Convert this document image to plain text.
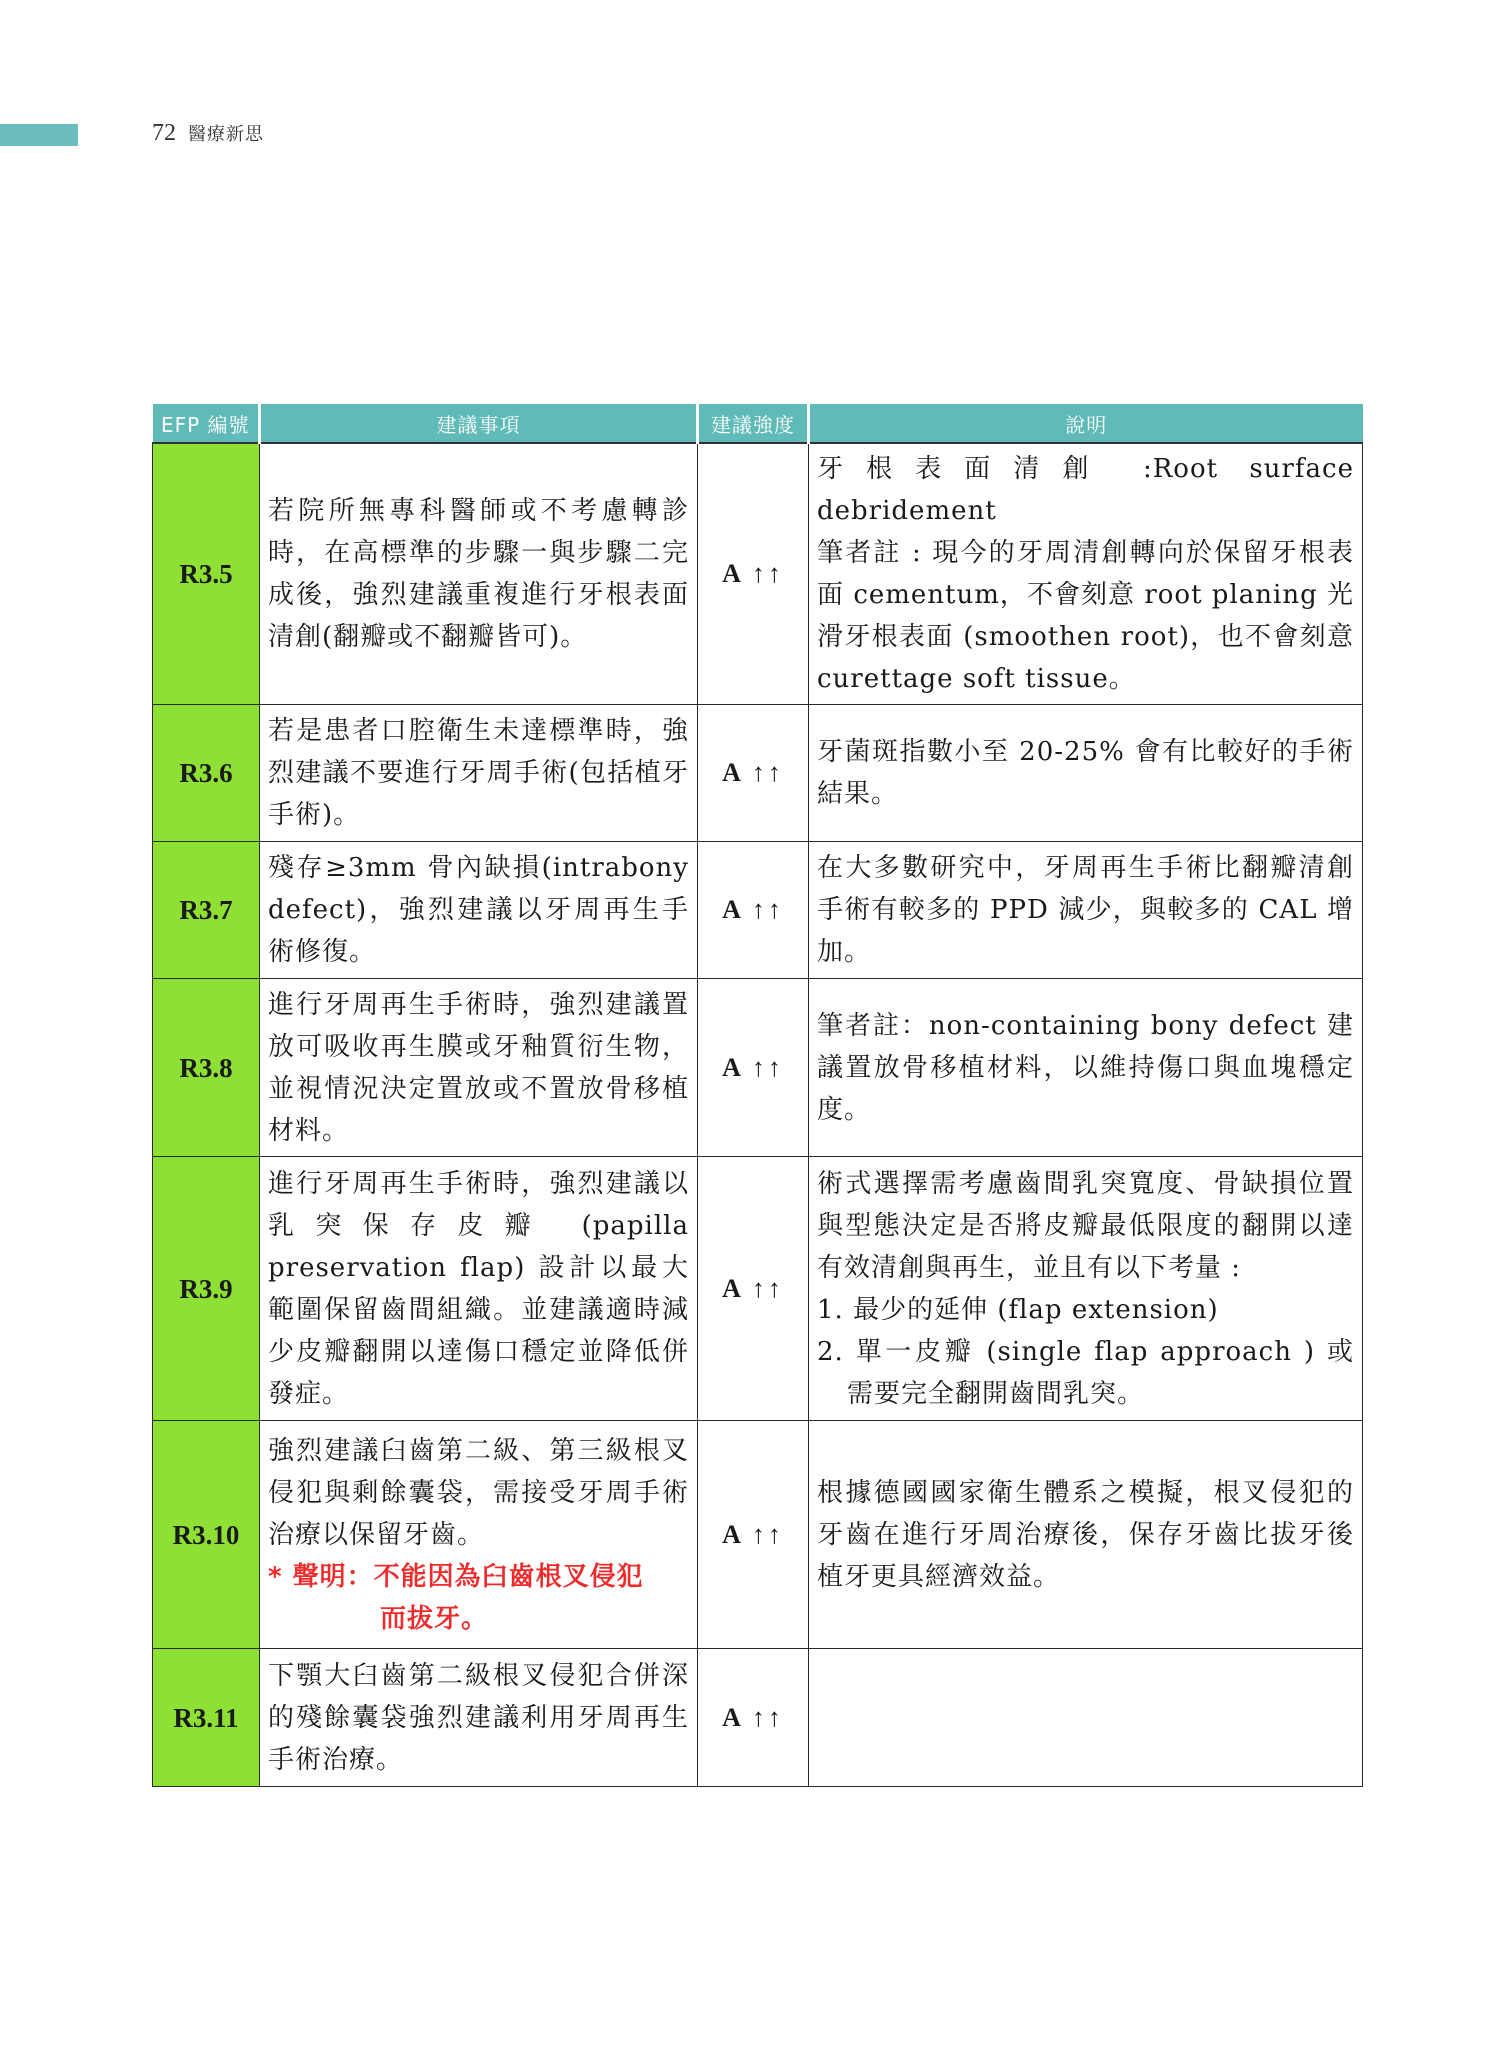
72 醫療新思
EFP 編號	建議事項	建議強度	說明
R3.5	若院所無專科醫師或不考慮轉診時，在高標準的步驟一與步驟二完成後，強烈建議重複進行牙根表面清創(翻瓣或不翻瓣皆可)。	A ↑↑	牙根表面清創 :Root surface debridement
筆者註 : 現今的牙周清創轉向於保留牙根表面 cementum，不會刻意 root planing 光滑牙根表面 (smoothen root)，也不會刻意 curettage soft tissue。

R3.6	若是患者口腔衛生未達標準時，強烈建議不要進行牙周手術(包括植牙手術)。	A ↑↑	牙菌斑指數小至 20-25% 會有比較好的手術結果。

R3.7	殘存≥3mm 骨內缺損(intrabony defect)，強烈建議以牙周再生手術修復。	A ↑↑	在大多數研究中，牙周再生手術比翻瓣清創手術有較多的 PPD 減少，與較多的 CAL 增加。

R3.8	進行牙周再生手術時，強烈建議置放可吸收再生膜或牙釉質衍生物，並視情況決定置放或不置放骨移植材料。	A ↑↑	筆者註：non-containing bony defect 建議置放骨移植材料，以維持傷口與血塊穩定度。

R3.9	進行牙周再生手術時，強烈建議以乳突保存皮瓣 (papilla preservation flap) 設計以最大範圍保留齒間組織。並建議適時減少皮瓣翻開以達傷口穩定並降低併發症。	A ↑↑	術式選擇需考慮齒間乳突寬度、骨缺損位置與型態決定是否將皮瓣最低限度的翻開以達有效清創與再生，並且有以下考量 :
1. 最少的延伸 (flap extension)
2. 單一皮瓣 (single flap approach ) 或需要完全翻開齒間乳突。

R3.10	強烈建議臼齒第二級、第三級根叉侵犯與剩餘囊袋，需接受牙周手術治療以保留牙齒。
* 聲明：不能因為臼齒根叉侵犯
而拔牙。	A ↑↑	根據德國國家衛生體系之模擬，根叉侵犯的牙齒在進行牙周治療後，保存牙齒比拔牙後植牙更具經濟效益。

R3.11	下顎大臼齒第二級根叉侵犯合併深的殘餘囊袋強烈建議利用牙周再生手術治療。	A ↑↑	
